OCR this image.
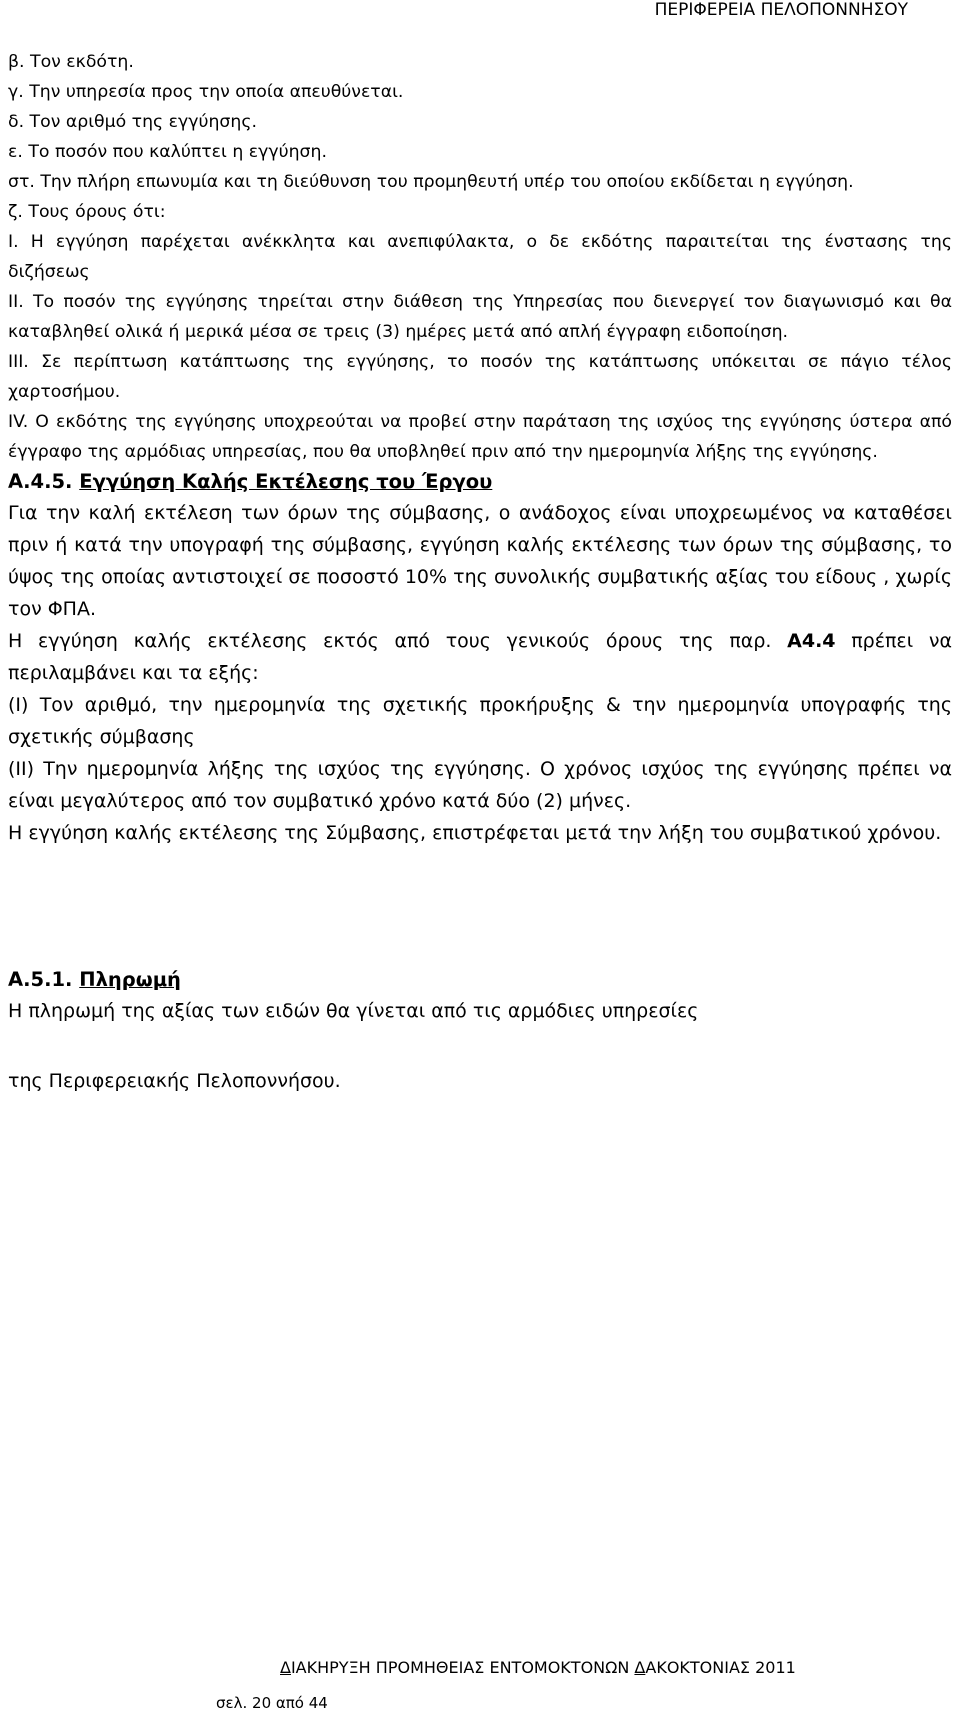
ΠΕΡΙΦΕΡΕΙΑ ΠΕΛΟΠΟΝΝΗΣΟΥ

β. Τον εκδότη.

γ. Την υπηρεσία προς την οποία απευθύνεται.

δ. Τον αριθμό της εγγύησης.

ε. Το ποσόν που καλύπτει η εγγύηση.

στ. Την πλήρη επωνυμία και τη διεύθυνση του προμηθευτή υπέρ του οποίου εκδίδεται η εγγύηση.

ζ. Τους όρους ότι:

I. Η εγγύηση παρέχεται ανέκκλητα και ανεπιφύλακτα, ο δε εκδότης παραιτείται της ένστασης της διζήσεως

II. Το ποσόν της εγγύησης τηρείται στην διάθεση της Υπηρεσίας που διενεργεί τον διαγωνισμό και θα καταβληθεί ολικά ή μερικά μέσα σε τρεις (3) ημέρες μετά από απλή έγγραφη ειδοποίηση.

III. Σε περίπτωση κατάπτωσης της εγγύησης, το ποσόν της κατάπτωσης υπόκειται σε πάγιο τέλος χαρτοσήμου.

IV. Ο εκδότης της εγγύησης υποχρεούται να προβεί στην παράταση της ισχύος της εγγύησης ύστερα από έγγραφο της αρμόδιας υπηρεσίας, που θα υποβληθεί πριν από την ημερομηνία λήξης της εγγύησης.

Α.4.5. Εγγύηση Καλής Εκτέλεσης του Έργου

Για την καλή εκτέλεση των όρων της σύμβασης, ο ανάδοχος είναι υποχρεωμένος να καταθέσει πριν ή κατά την υπογραφή της σύμβασης, εγγύηση καλής εκτέλεσης των όρων της σύμβασης, το ύψος της οποίας αντιστοιχεί σε ποσοστό 10% της συνολικής συμβατικής αξίας του είδους , χωρίς τον ΦΠΑ.

Η εγγύηση καλής εκτέλεσης εκτός από τους γενικούς όρους της παρ. Α4.4 πρέπει να περιλαμβάνει και τα εξής:

(I) Τον αριθμό, την ημερομηνία της σχετικής προκήρυξης & την ημερομηνία υπογραφής της σχετικής σύμβασης

(II) Την ημερομηνία λήξης της ισχύος της εγγύησης. Ο χρόνος ισχύος της εγγύησης πρέπει να είναι μεγαλύτερος από τον συμβατικό χρόνο κατά δύο (2) μήνες.

Η εγγύηση καλής εκτέλεσης της Σύμβασης, επιστρέφεται μετά την λήξη του συμβατικού χρόνου.

Α.5.1. Πληρωμή

Η πληρωμή της αξίας των ειδών θα γίνεται από τις αρμόδιες υπηρεσίες

της Περιφερειακής Πελοποννήσου.

ΔΙΑΚΗΡΥΞΗ ΠΡΟΜΗΘΕΙΑΣ ΕΝΤΟΜΟΚΤΟΝΩΝ ΔΑΚΟΚΤΟΝΙΑΣ 2011
σελ. 20 από 44
